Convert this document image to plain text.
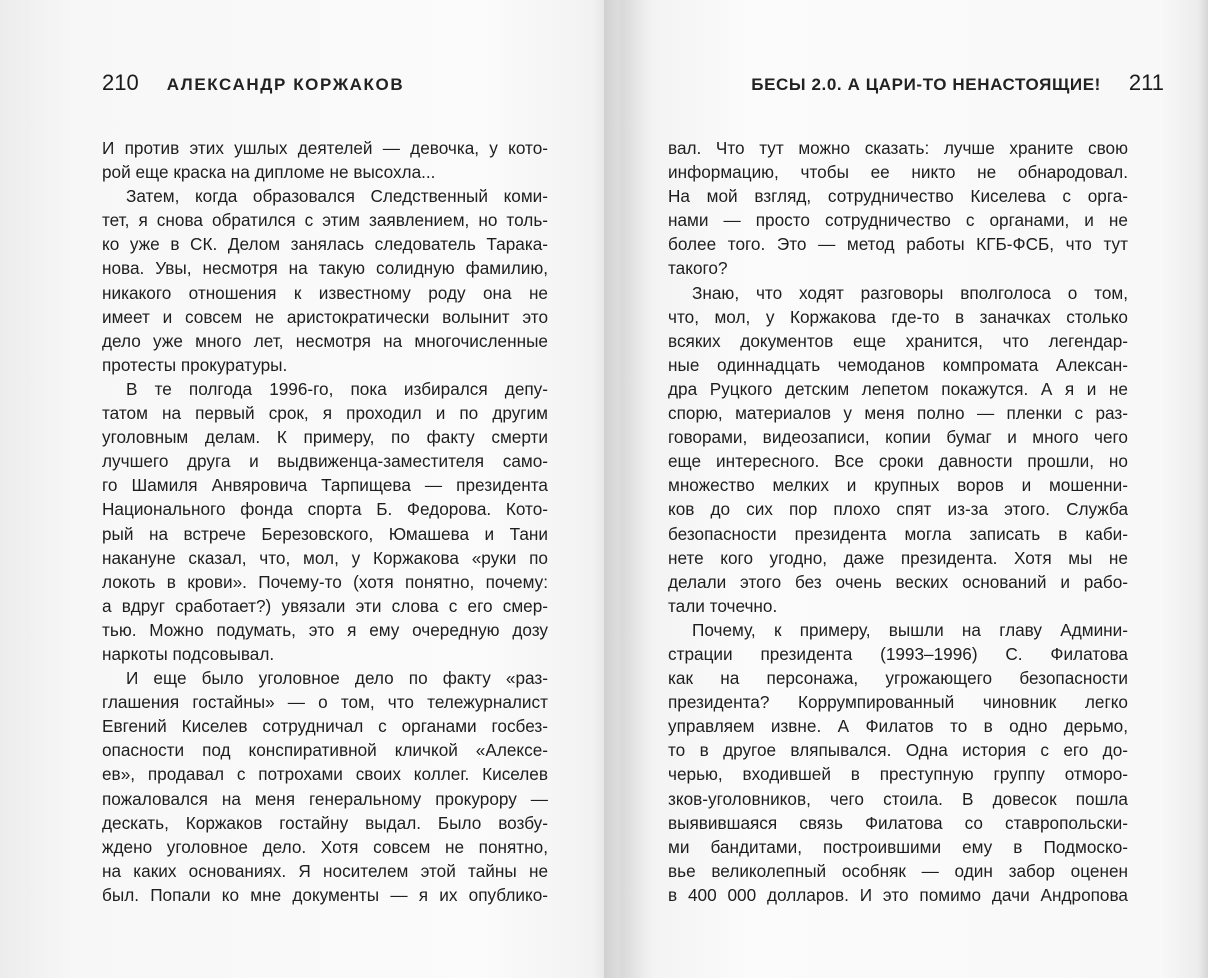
210 АЛЕКСАНДР КОРЖАКОВ
И против этих ушлых деятелей — девочка, у кото-
рой еще краска на дипломе не высохла...
Затем, когда образовался Следственный коми-
тет, я снова обратился с этим заявлением, но толь-
ко уже в СК. Делом занялась следователь Тарака-
нова. Увы, несмотря на такую солидную фамилию,
никакого отношения к известному роду она не
имеет и совсем не аристократически волынит это
дело уже много лет, несмотря на многочисленные
протесты прокуратуры.
В те полгода 1996-го, пока избирался депу-
татом на первый срок, я проходил и по другим
уголовным делам. К примеру, по факту смерти
лучшего друга и выдвиженца-заместителя само-
го Шамиля Анвяровича Тарпищева — президента
Национального фонда спорта Б. Федорова. Кото-
рый на встрече Березовского, Юмашева и Тани
накануне сказал, что, мол, у Коржакова «руки по
локоть в крови». Почему-то (хотя понятно, почему:
а вдруг сработает?) увязали эти слова с его смер-
тью. Можно подумать, это я ему очередную дозу
наркоты подсовывал.
И еще было уголовное дело по факту «раз-
глашения гостайны» — о том, что тележурналист
Евгений Киселев сотрудничал с органами госбез-
опасности под конспиративной кличкой «Алексе-
ев», продавал с потрохами своих коллег. Киселев
пожаловался на меня генеральному прокурору —
дескать, Коржаков гостайну выдал. Было возбу-
ждено уголовное дело. Хотя совсем не понятно,
на каких основаниях. Я носителем этой тайны не
был. Попали ко мне документы — я их опублико-
БЕСЫ 2.0. А ЦАРИ-ТО НЕНАСТОЯЩИЕ! 211
вал. Что тут можно сказать: лучше храните свою
информацию, чтобы ее никто не обнародовал.
На мой взгляд, сотрудничество Киселева с орга-
нами — просто сотрудничество с органами, и не
более того. Это — метод работы КГБ-ФСБ, что тут
такого?
Знаю, что ходят разговоры вполголоса о том,
что, мол, у Коржакова где-то в заначках столько
всяких документов еще хранится, что легендар-
ные одиннадцать чемоданов компромата Алексан-
дра Руцкого детским лепетом покажутся. А я и не
спорю, материалов у меня полно — пленки с раз-
говорами, видеозаписи, копии бумаг и много чего
еще интересного. Все сроки давности прошли, но
множество мелких и крупных воров и мошенни-
ков до сих пор плохо спят из-за этого. Служба
безопасности президента могла записать в каби-
нете кого угодно, даже президента. Хотя мы не
делали этого без очень веских оснований и рабо-
тали точечно.
Почему, к примеру, вышли на главу Админи-
страции президента (1993–1996) С. Филатова
как на персонажа, угрожающего безопасности
президента? Коррумпированный чиновник легко
управляем извне. А Филатов то в одно дерьмо,
то в другое вляпывался. Одна история с его до-
черью, входившей в преступную группу отморо-
зков-уголовников, чего стоила. В довесок пошла
выявившаяся связь Филатова со ставропольски-
ми бандитами, построившими ему в Подмоско-
вье великолепный особняк — один забор оценен
в 400 000 долларов. И это помимо дачи Андропова
